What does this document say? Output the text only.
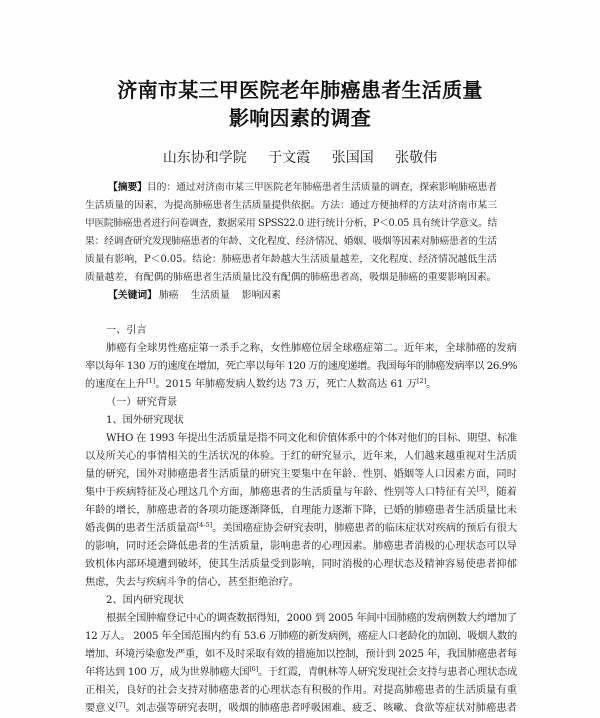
济南市某三甲医院老年肺癌患者生活质量
影响因素的调查
山东协和学院 于文霞 张国国 张敬伟
【摘要】目的：通过对济南市某三甲医院老年肺癌患者生活质量的调查，探索影响肺癌患者
生活质量的因素，为提高肺癌患者生活质量提供依据。方法：通过方便抽样的方法对济南市某三
甲医院肺癌患者进行问卷调查，数据采用 SPSS22.0 进行统计分析，P＜0.05 具有统计学意义。结
果：经调查研究发现肺癌患者的年龄、文化程度、经济情况、婚姻、吸烟等因素对肺癌患者的生活
质量有影响，P＜0.05。结论：肺癌患者年龄越大生活质量越差，文化程度、经济情况越低生活
质量越差，有配偶的肺癌患者生活质量比没有配偶的肺癌患者高，吸烟是肺癌的重要影响因素。
【关键词】 肺癌 生活质量 影响因素
一、引言
肺癌有全球男性癌症第一杀手之称，女性肺癌位居全球癌症第二。近年来，全球肺癌的发病
率以每年 130 万的速度在增加，死亡率以每年 120 万的速度递增。我国每年的肺癌发病率以 26.9%
的速度在上升[1]。2015 年肺癌发病人数约达 73 万，死亡人数高达 61 万[2]。
（一）研究背景
1、国外研究现状
WHO 在 1993 年提出生活质量是指不同文化和价值体系中的个体对他们的目标、期望、标准
以及所关心的事情相关的生活状况的体验。于红的研究显示，近年来，人们越来越重视对生活质
量的研究，国外对肺癌患者生活质量的研究主要集中在年龄、性别、婚姻等人口因素方面，同时
集中于疾病特征及心理这几个方面，肺癌患者的生活质量与年龄、性别等人口特征有关[3]，随着
年龄的增长，肺癌患者的各项功能逐渐降低，自理能力逐渐下降，已婚的肺癌患者生活质量比未
婚丧偶的患者生活质量高[4-5]。美国癌症协会研究表明，肺癌患者的临床症状对疾病的预后有很大
的影响，同时还会降低患者的生活质量，影响患者的心理因素。肺癌患者消极的心理状态可以导
致机体内部环境遭到破坏，使其生活质量受到影响，同时消极的心理状态及精神容易使患者抑郁
焦虑，失去与疾病斗争的信心，甚至拒绝治疗。
2、国内研究现状
根据全国肿瘤登记中心的调查数据得知，2000 到 2005 年间中国肺癌的发病例数大约增加了
12 万人。 2005 年全国范围内约有 53.6 万肺癌的新发病例，癌症人口老龄化的加剧、吸烟人数的
增加、环境污染愈发严重，如不及时采取有效的措施加以控制，预计到 2025 年，我国肺癌患者每
年将达到 100 万，成为世界肺癌大国[6]。于红霞，青帆林等人研究发现社会支持与患者心理状态成
正相关，良好的社会支持对肺癌患者的心理状态有积极的作用。对提高肺癌患者的生活质量有重
要意义[7]。刘志强等研究表明，吸烟的肺癌患者呼吸困难、疲乏、咳嗽、食欲等症状对肺癌患者
